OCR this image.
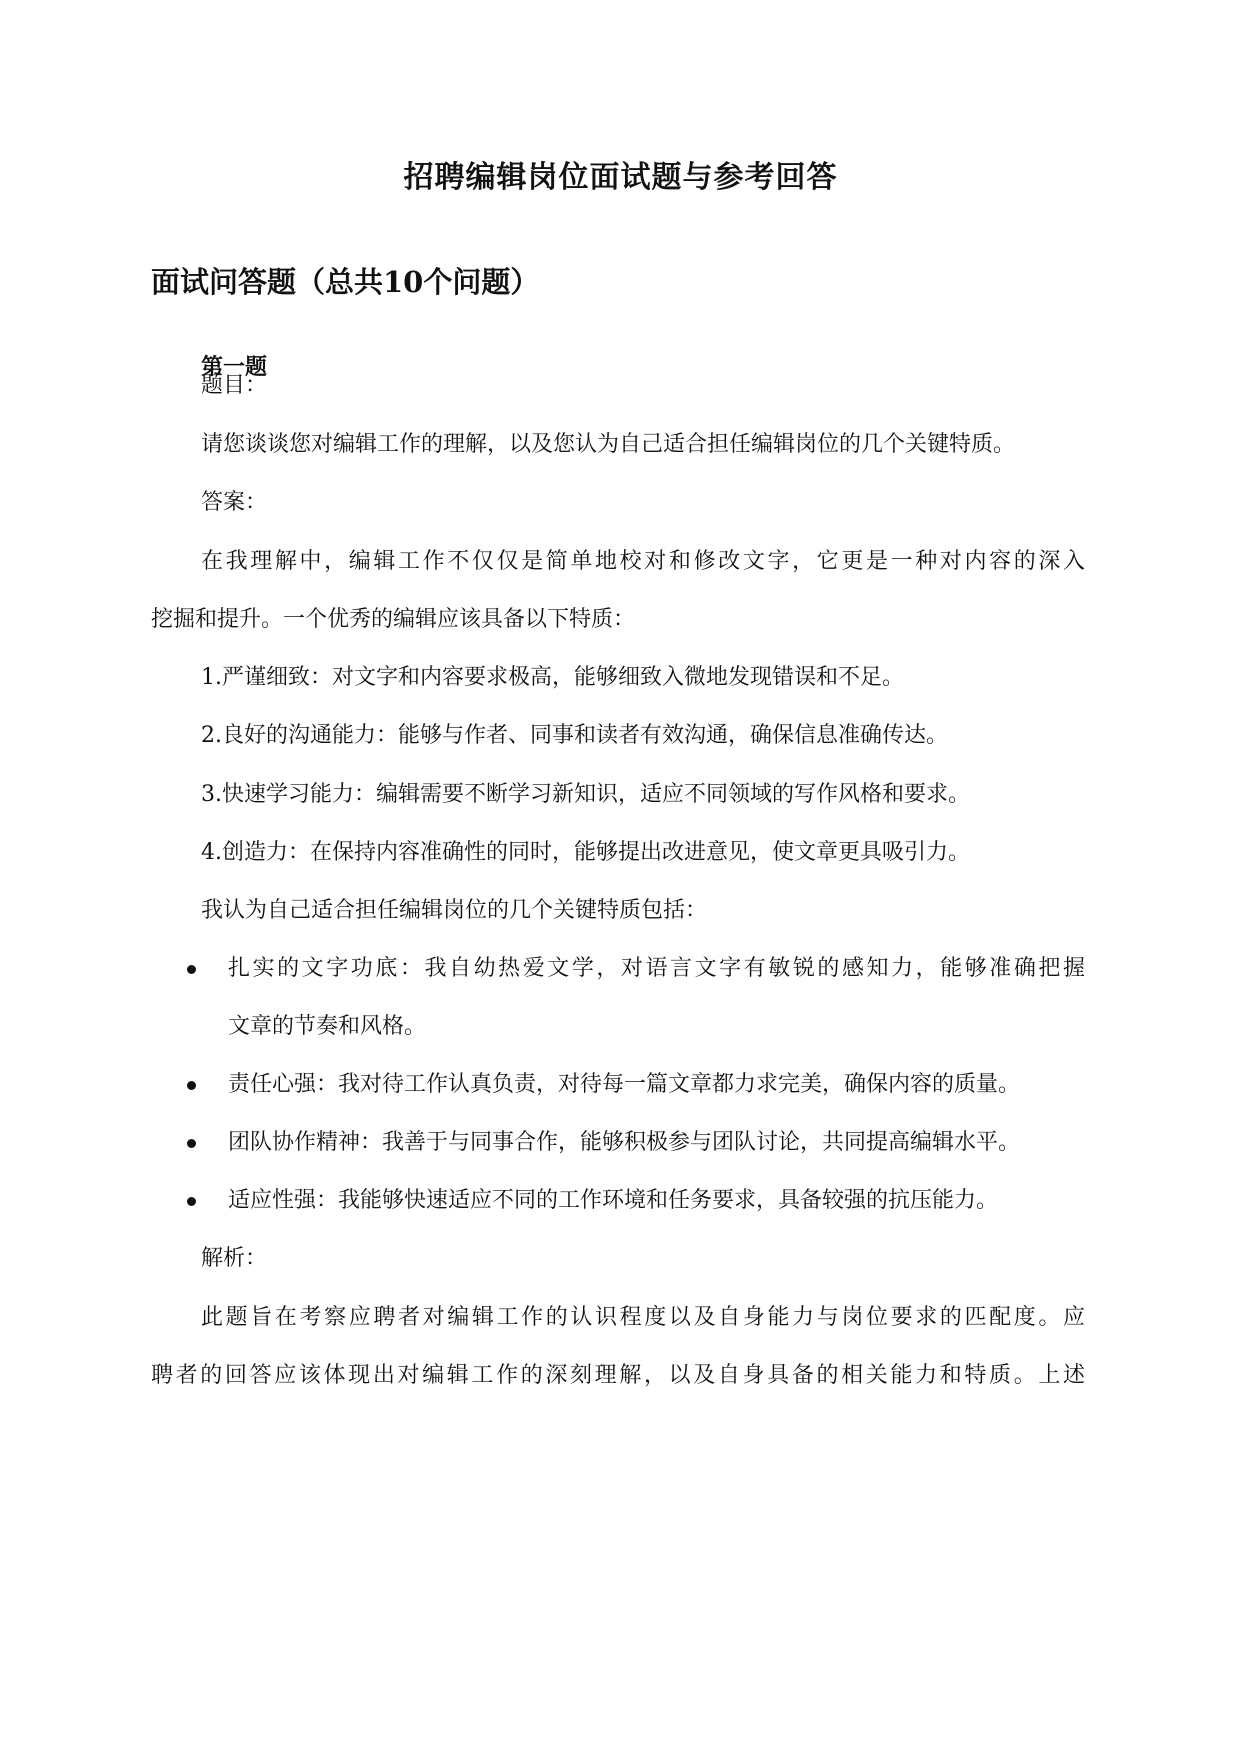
招聘编辑岗位面试题与参考回答
面试问答题（总共10个问题）
第一题

题目：

请您谈谈您对编辑工作的理解，以及您认为自己适合担任编辑岗位的几个关键特质。

答案：

在我理解中，编辑工作不仅仅是简单地校对和修改文字，它更是一种对内容的深入

挖掘和提升。一个优秀的编辑应该具备以下特质：

1.严谨细致：对文字和内容要求极高，能够细致入微地发现错误和不足。

2.良好的沟通能力：能够与作者、同事和读者有效沟通，确保信息准确传达。

3.快速学习能力：编辑需要不断学习新知识，适应不同领域的写作风格和要求。

4.创造力：在保持内容准确性的同时，能够提出改进意见，使文章更具吸引力。

我认为自己适合担任编辑岗位的几个关键特质包括：

扎实的文字功底：我自幼热爱文学，对语言文字有敏锐的感知力，能够准确把握

文章的节奏和风格。

责任心强：我对待工作认真负责，对待每一篇文章都力求完美，确保内容的质量。

团队协作精神：我善于与同事合作，能够积极参与团队讨论，共同提高编辑水平。

适应性强：我能够快速适应不同的工作环境和任务要求，具备较强的抗压能力。

解析：

此题旨在考察应聘者对编辑工作的认识程度以及自身能力与岗位要求的匹配度。应

聘者的回答应该体现出对编辑工作的深刻理解，以及自身具备的相关能力和特质。上述
